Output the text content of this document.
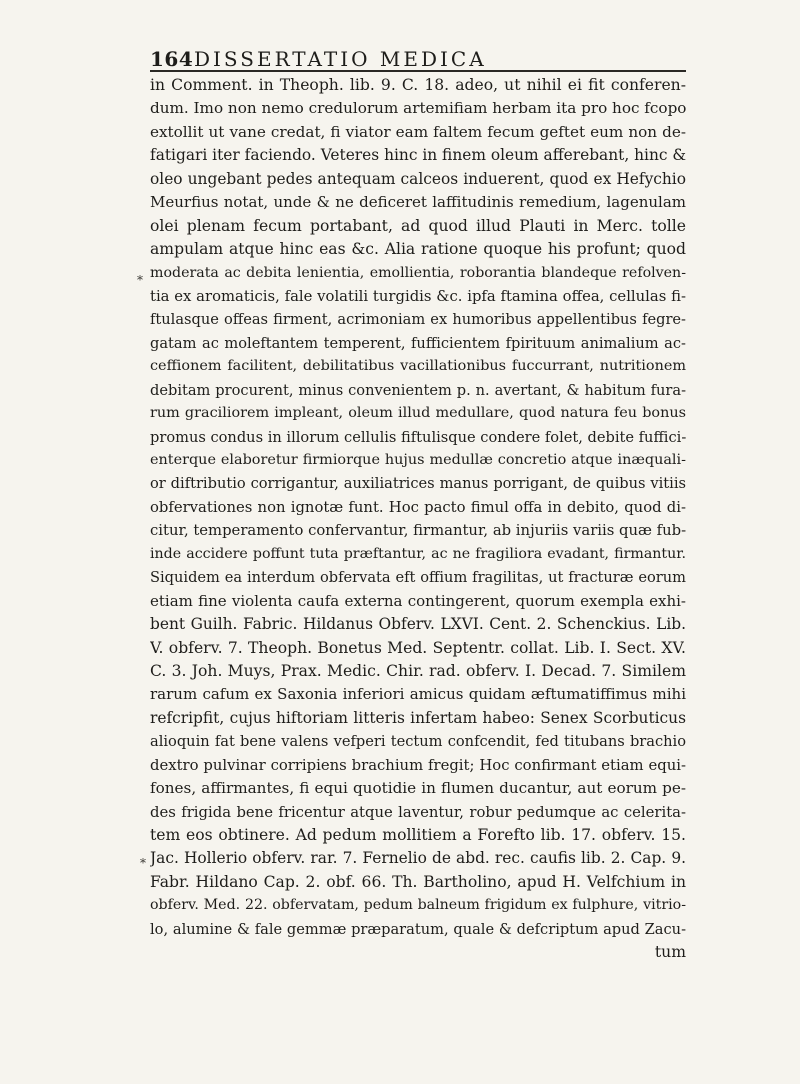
164 DISSERTATIO MEDICA
*
*
in Comment. in Theoph. lib. 9. C. 18. adeo, ut nihil ei fit conferen-
dum. Imo non nemo credulorum artemifiam herbam ita pro hoc fcopo
extollit ut vane credat, fi viator eam faltem fecum geftet eum non de-
fatigari iter faciendo. Veteres hinc in finem oleum afferebant, hinc &
oleo ungebant pedes antequam calceos induerent, quod ex Hefychio
Meurfius notat, unde & ne deficeret laffitudinis remedium, lagenulam
olei plenam fecum portabant, ad quod illud Plauti in Merc. tolle
ampulam atque hinc eas &c. Alia ratione quoque his profunt; quod
moderata ac debita lenientia, emollientia, roborantia blandeque refolven-
tia ex aromaticis, fale volatili turgidis &c. ipfa ftamina offea, cellulas fi-
ftulasque offeas firment, acrimoniam ex humoribus appellentibus fegre-
gatam ac moleftantem temperent, fufficientem fpirituum animalium ac-
ceffionem facilitent, debilitatibus vacillationibus fuccurrant, nutritionem
debitam procurent, minus convenientem p. n. avertant, & habitum fura-
rum graciliorem impleant, oleum illud medullare, quod natura feu bonus
promus condus in illorum cellulis fiftulisque condere folet, debite fuffici-
enterque elaboretur firmiorque hujus medullæ concretio atque inæquali-
or diftributio corrigantur, auxiliatrices manus porrigant, de quibus vitiis
obfervationes non ignotæ funt. Hoc pacto fimul offa in debito, quod di-
citur, temperamento confervantur, firmantur, ab injuriis variis quæ fub-
inde accidere poffunt tuta præftantur, ac ne fragiliora evadant, firmantur.
Siquidem ea interdum obfervata eft offium fragilitas, ut fracturæ eorum
etiam fine violenta caufa externa contingerent, quorum exempla exhi-
bent Guilh. Fabric. Hildanus Obferv. LXVI. Cent. 2. Schenckius. Lib.
V. obferv. 7. Theoph. Bonetus Med. Septentr. collat. Lib. I. Sect. XV.
C. 3. Joh. Muys, Prax. Medic. Chir. rad. obferv. I. Decad. 7. Similem
rarum cafum ex Saxonia inferiori amicus quidam æftumatiffimus mihi
refcripfit, cujus hiftoriam litteris infertam habeo: Senex Scorbuticus
alioquin fat bene valens vefperi tectum confcendit, fed titubans brachio
dextro pulvinar corripiens brachium fregit; Hoc confirmant etiam equi-
fones, affirmantes, fi equi quotidie in flumen ducantur, aut eorum pe-
des frigida bene fricentur atque laventur, robur pedumque ac celerita-
tem eos obtinere. Ad pedum mollitiem a Forefto lib. 17. obferv. 15.
Jac. Hollerio obferv. rar. 7. Fernelio de abd. rec. caufis lib. 2. Cap. 9.
Fabr. Hildano Cap. 2. obf. 66. Th. Bartholino, apud H. Velfchium in
obferv. Med. 22. obfervatam, pedum balneum frigidum ex fulphure, vitrio-
lo, alumine & fale gemmæ præparatum, quale & defcriptum apud Zacu-
tum
